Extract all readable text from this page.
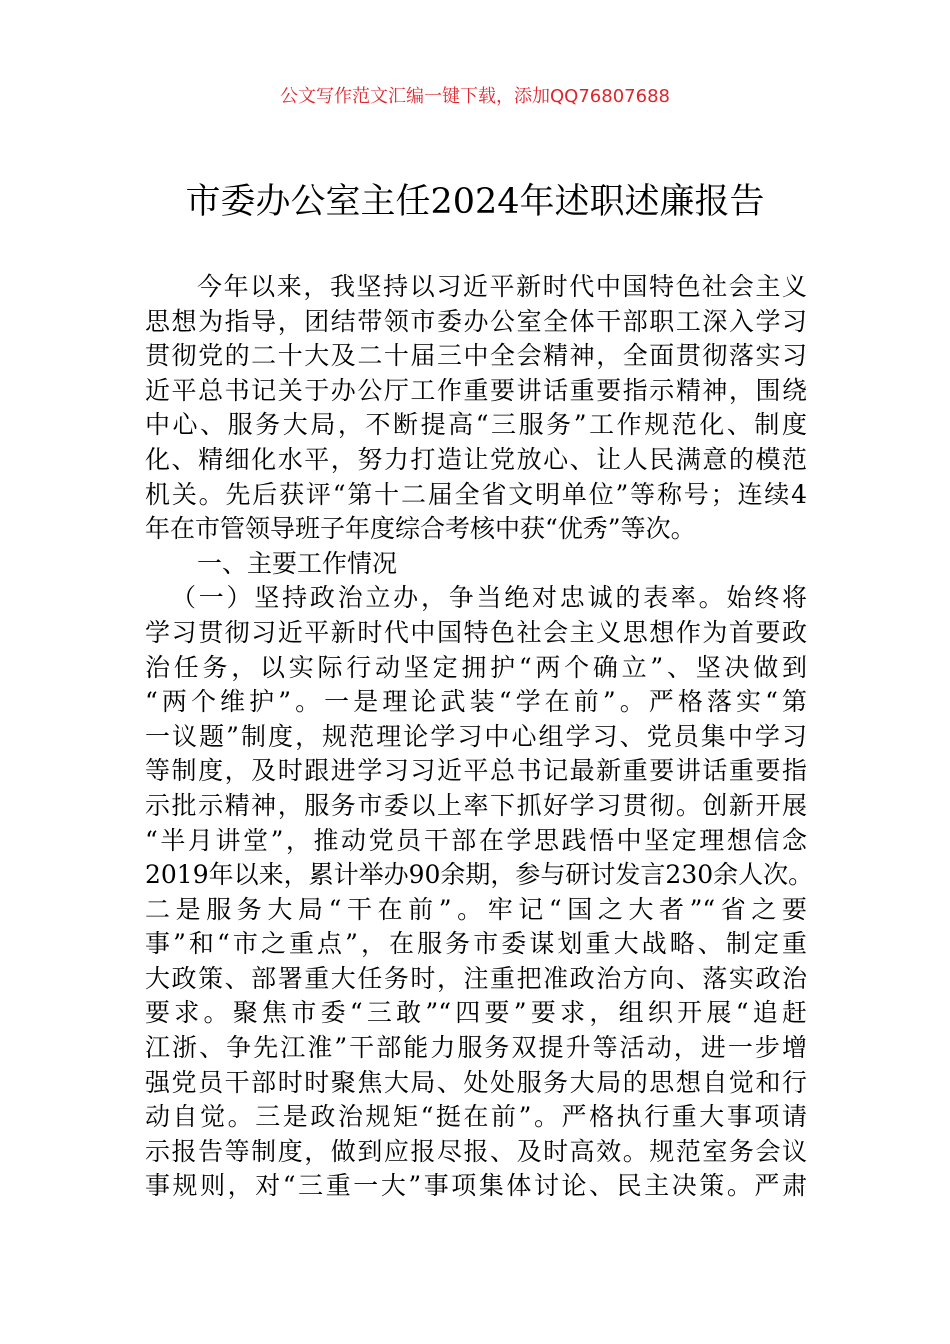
公文写作范文汇编一键下载，添加QQ76807688
市委办公室主任2024年述职述廉报告
今年以来，我坚持以习近平新时代中国特色社会主义
思想为指导，团结带领市委办公室全体干部职工深入学习
贯彻党的二十大及二十届三中全会精神，全面贯彻落实习
近平总书记关于办公厅工作重要讲话重要指示精神，围绕
中心、服务大局，不断提高“三服务”工作规范化、制度
化、精细化水平，努力打造让党放心、让人民满意的模范
机关。先后获评“第十二届全省文明单位”等称号；连续4
年在市管领导班子年度综合考核中获“优秀”等次。
一、主要工作情况
（一）坚持政治立办，争当绝对忠诚的表率。始终将
学习贯彻习近平新时代中国特色社会主义思想作为首要政
治任务，以实际行动坚定拥护“两个确立”、坚决做到
“两个维护”。一是理论武装“学在前”。严格落实“第
一议题”制度，规范理论学习中心组学习、党员集中学习
等制度，及时跟进学习习近平总书记最新重要讲话重要指
示批示精神，服务市委以上率下抓好学习贯彻。创新开展
“半月讲堂”，推动党员干部在学思践悟中坚定理想信念
2019年以来，累计举办90余期，参与研讨发言230余人次。
二是服务大局“干在前”。牢记“国之大者”“省之要
事”和“市之重点”，在服务市委谋划重大战略、制定重
大政策、部署重大任务时，注重把准政治方向、落实政治
要求。聚焦市委“三敢”“四要”要求，组织开展“追赶
江浙、争先江淮”干部能力服务双提升等活动，进一步增
强党员干部时时聚焦大局、处处服务大局的思想自觉和行
动自觉。三是政治规矩“挺在前”。严格执行重大事项请
示报告等制度，做到应报尽报、及时高效。规范室务会议
事规则，对“三重一大”事项集体讨论、民主决策。严肃
